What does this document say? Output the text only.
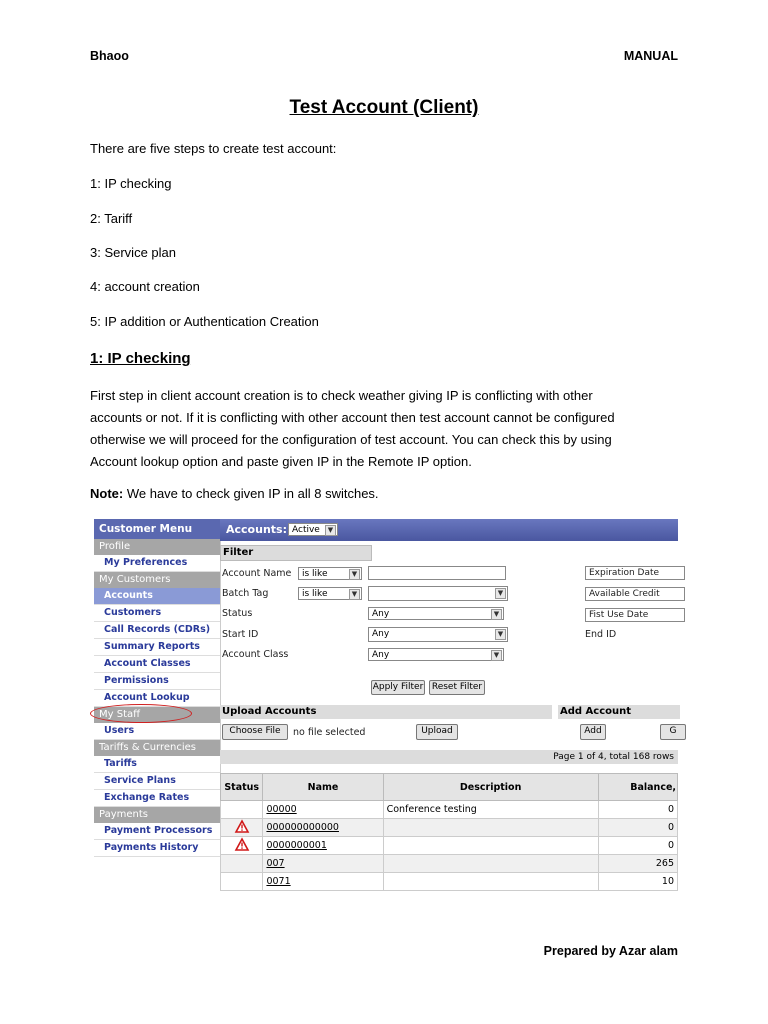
Bhaoo	MANUAL
Test Account (Client)
There are five steps to create test account:
1: IP checking
2: Tariff
3: Service plan
4: account creation
5: IP addition or Authentication Creation
1: IP checking
First step in client account creation is to check weather giving IP is conflicting with other
accounts or not. If it is conflicting with other account then test account cannot be configured
otherwise we will proceed for the configuration of test account. You can check this by using
Account lookup option and paste given IP in the Remote IP option.
Note: We have to check given IP in all 8 switches.
Customer Menu
Profile
My Preferences
My Customers
Accounts
Customers
Call Records (CDRs)
Summary Reports
Account Classes
Permissions
Account Lookup
My Staff
Users
Tariffs & Currencies
Tariffs
Service Plans
Exchange Rates
Payments
Payment Processors
Payments History
Accounts: Active	▼
Filter
Account Name	is like	▼
Batch Tag	is like	▼	▼
Status	Any	▼
Start ID	Any	▼
Account Class	Any	▼
Expiration Date
Available Credit
Fist Use Date
End ID
Apply Filter Reset Filter
Upload Accounts	Add Account
Choose File	no file selected	Upload	Add	G
Page 1 of 4, total 168 rows
Status	Name	Description	Balance,
	00000	Conference testing	0
	000000000000		0
	0000000001		0
	007		265
	0071		10
Prepared by Azar alam
